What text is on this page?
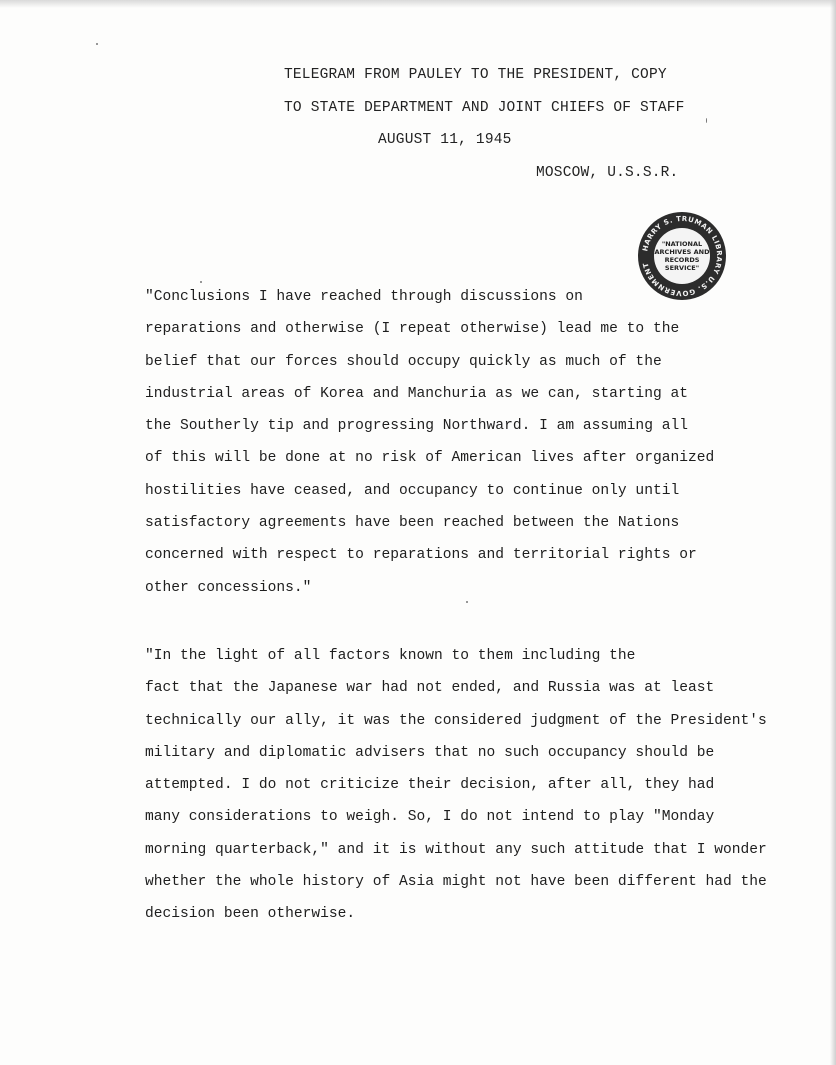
TELEGRAM FROM PAULEY TO THE PRESIDENT, COPY
TO STATE DEPARTMENT AND JOINT CHIEFS OF STAFF
AUGUST 11, 1945
MOSCOW, U.S.S.R.
HARRY S. TRUMAN LIBRARY U.S. GOVERNMENT
"NATIONAL
ARCHIVES AND
RECORDS
SERVICE"
"Conclusions I have reached through discussions on
reparations and otherwise (I repeat otherwise) lead me to the
belief that our forces should occupy quickly as much of the
industrial areas of Korea and Manchuria as we can, starting at
the Southerly tip and progressing Northward. I am assuming all
of this will be done at no risk of American lives after organized
hostilities have ceased, and occupancy to continue only until
satisfactory agreements have been reached between the Nations
concerned with respect to reparations and territorial rights or
other concessions."
"In the light of all factors known to them including the
fact that the Japanese war had not ended, and Russia was at least
technically our ally, it was the considered judgment of the President's
military and diplomatic advisers that no such occupancy should be
attempted. I do not criticize their decision, after all, they had
many considerations to weigh. So, I do not intend to play "Monday
morning quarterback," and it is without any such attitude that I wonder
whether the whole history of Asia might not have been different had the
decision been otherwise.
